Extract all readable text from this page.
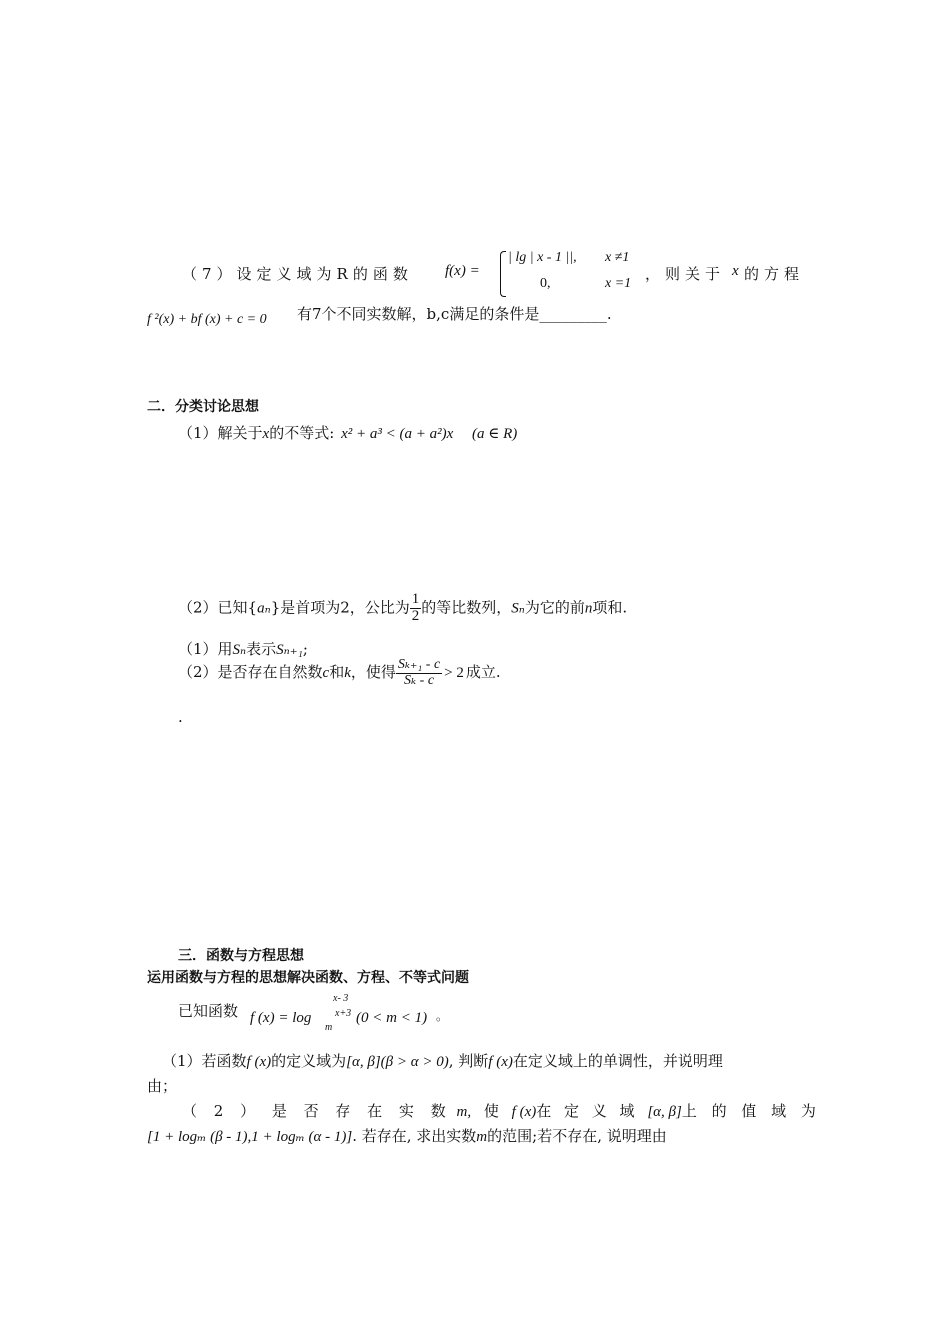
（7）设定义域为R的函数 f(x) =
| lg | x - 1 ||, x ≠1
0,	x =1
，则关于 x 的方程
f ²(x) + bf (x) + c = 0 有7个不同实数解，b,c满足的条件是_________.
二．分类讨论思想
（1）解关于x的不等式: x² + a³ < (a + a²)x (a ∈ R)
（2）已知{aₙ}是首项为2，公比为 $\frac{1}{2}$ 的等比数列，Sₙ为它的前n项和.
（1）用Sₙ表示Sₙ₊₁;
（2）是否存在自然数c和k，使得 $\frac{\text{Sₖ₊₁ - c}}{\text{Sₖ - c}} > 2$ 成立.
.
三．函数与方程思想
运用函数与方程的思想解决函数、方程、不等式问题
已知函数 f (x) = log
m
x- 3
x+3 (0 < m < 1) 。
（1）若函数f (x)的定义域为[α, β](β > α > 0), 判断f (x)在定义域上的单调性，并说明理
由；
（ 2 ） 是 否 存 在 实 数 m, 使 f (x)在 定 义 域 [α, β]上 的 值 域 为
[1 + logₘ (β - 1),1 + logₘ (α - 1)]. 若存在, 求出实数m的范围;若不存在, 说明理由
